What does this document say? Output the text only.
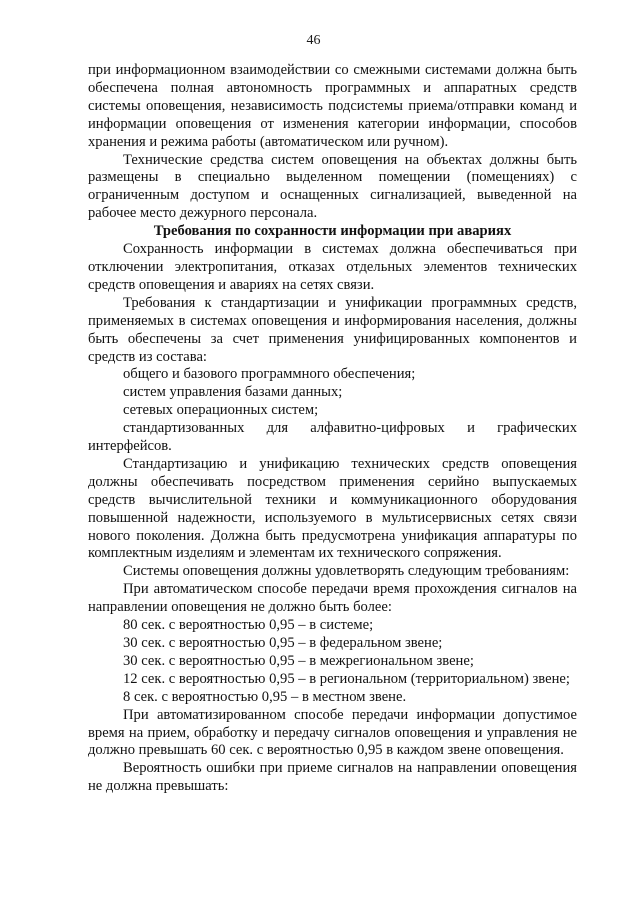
46

при информационном взаимодействии со смежными системами должна быть обеспечена полная автономность программных и аппаратных средств системы оповещения, независимость подсистемы приема/отправки команд и информации оповещения от изменения категории информации, способов хранения и режима работы (автоматическом или ручном).

Технические средства систем оповещения на объектах должны быть размещены в специально выделенном помещении (помещениях) с ограниченным доступом и оснащенных сигнализацией, выведенной на рабочее место дежурного персонала.

Требования по сохранности информации при авариях

Сохранность информации в системах должна обеспечиваться при отключении электропитания, отказах отдельных элементов технических средств оповещения и авариях на сетях связи.

Требования к стандартизации и унификации программных средств, применяемых в системах оповещения и информирования населения, должны быть обеспечены за счет применения унифицированных компонентов и средств из состава:

общего и базового программного обеспечения;

систем управления базами данных;

сетевых операционных систем;

стандартизованных для алфавитно-цифровых и графических интерфейсов.

Стандартизацию и унификацию технических средств оповещения должны обеспечивать посредством применения серийно выпускаемых средств вычислительной техники и коммуникационного оборудования повышенной надежности, используемого в мультисервисных сетях связи нового поколения. Должна быть предусмотрена унификация аппаратуры по комплектным изделиям и элементам их технического сопряжения.

Системы оповещения должны удовлетворять следующим требованиям:

При автоматическом способе передачи время прохождения сигналов на направлении оповещения не должно быть более:

80 сек. с вероятностью 0,95 – в системе;

30 сек. с вероятностью 0,95 – в федеральном звене;

30 сек. с вероятностью 0,95 – в межрегиональном звене;

12 сек. с вероятностью 0,95 – в региональном (территориальном) звене;

8 сек. с вероятностью 0,95 – в местном звене.

При автоматизированном способе передачи информации допустимое время на прием, обработку и передачу сигналов оповещения и управления не должно превышать 60 сек. с вероятностью 0,95 в каждом звене оповещения.

Вероятность ошибки при приеме сигналов на направлении оповещения не должна превышать:
